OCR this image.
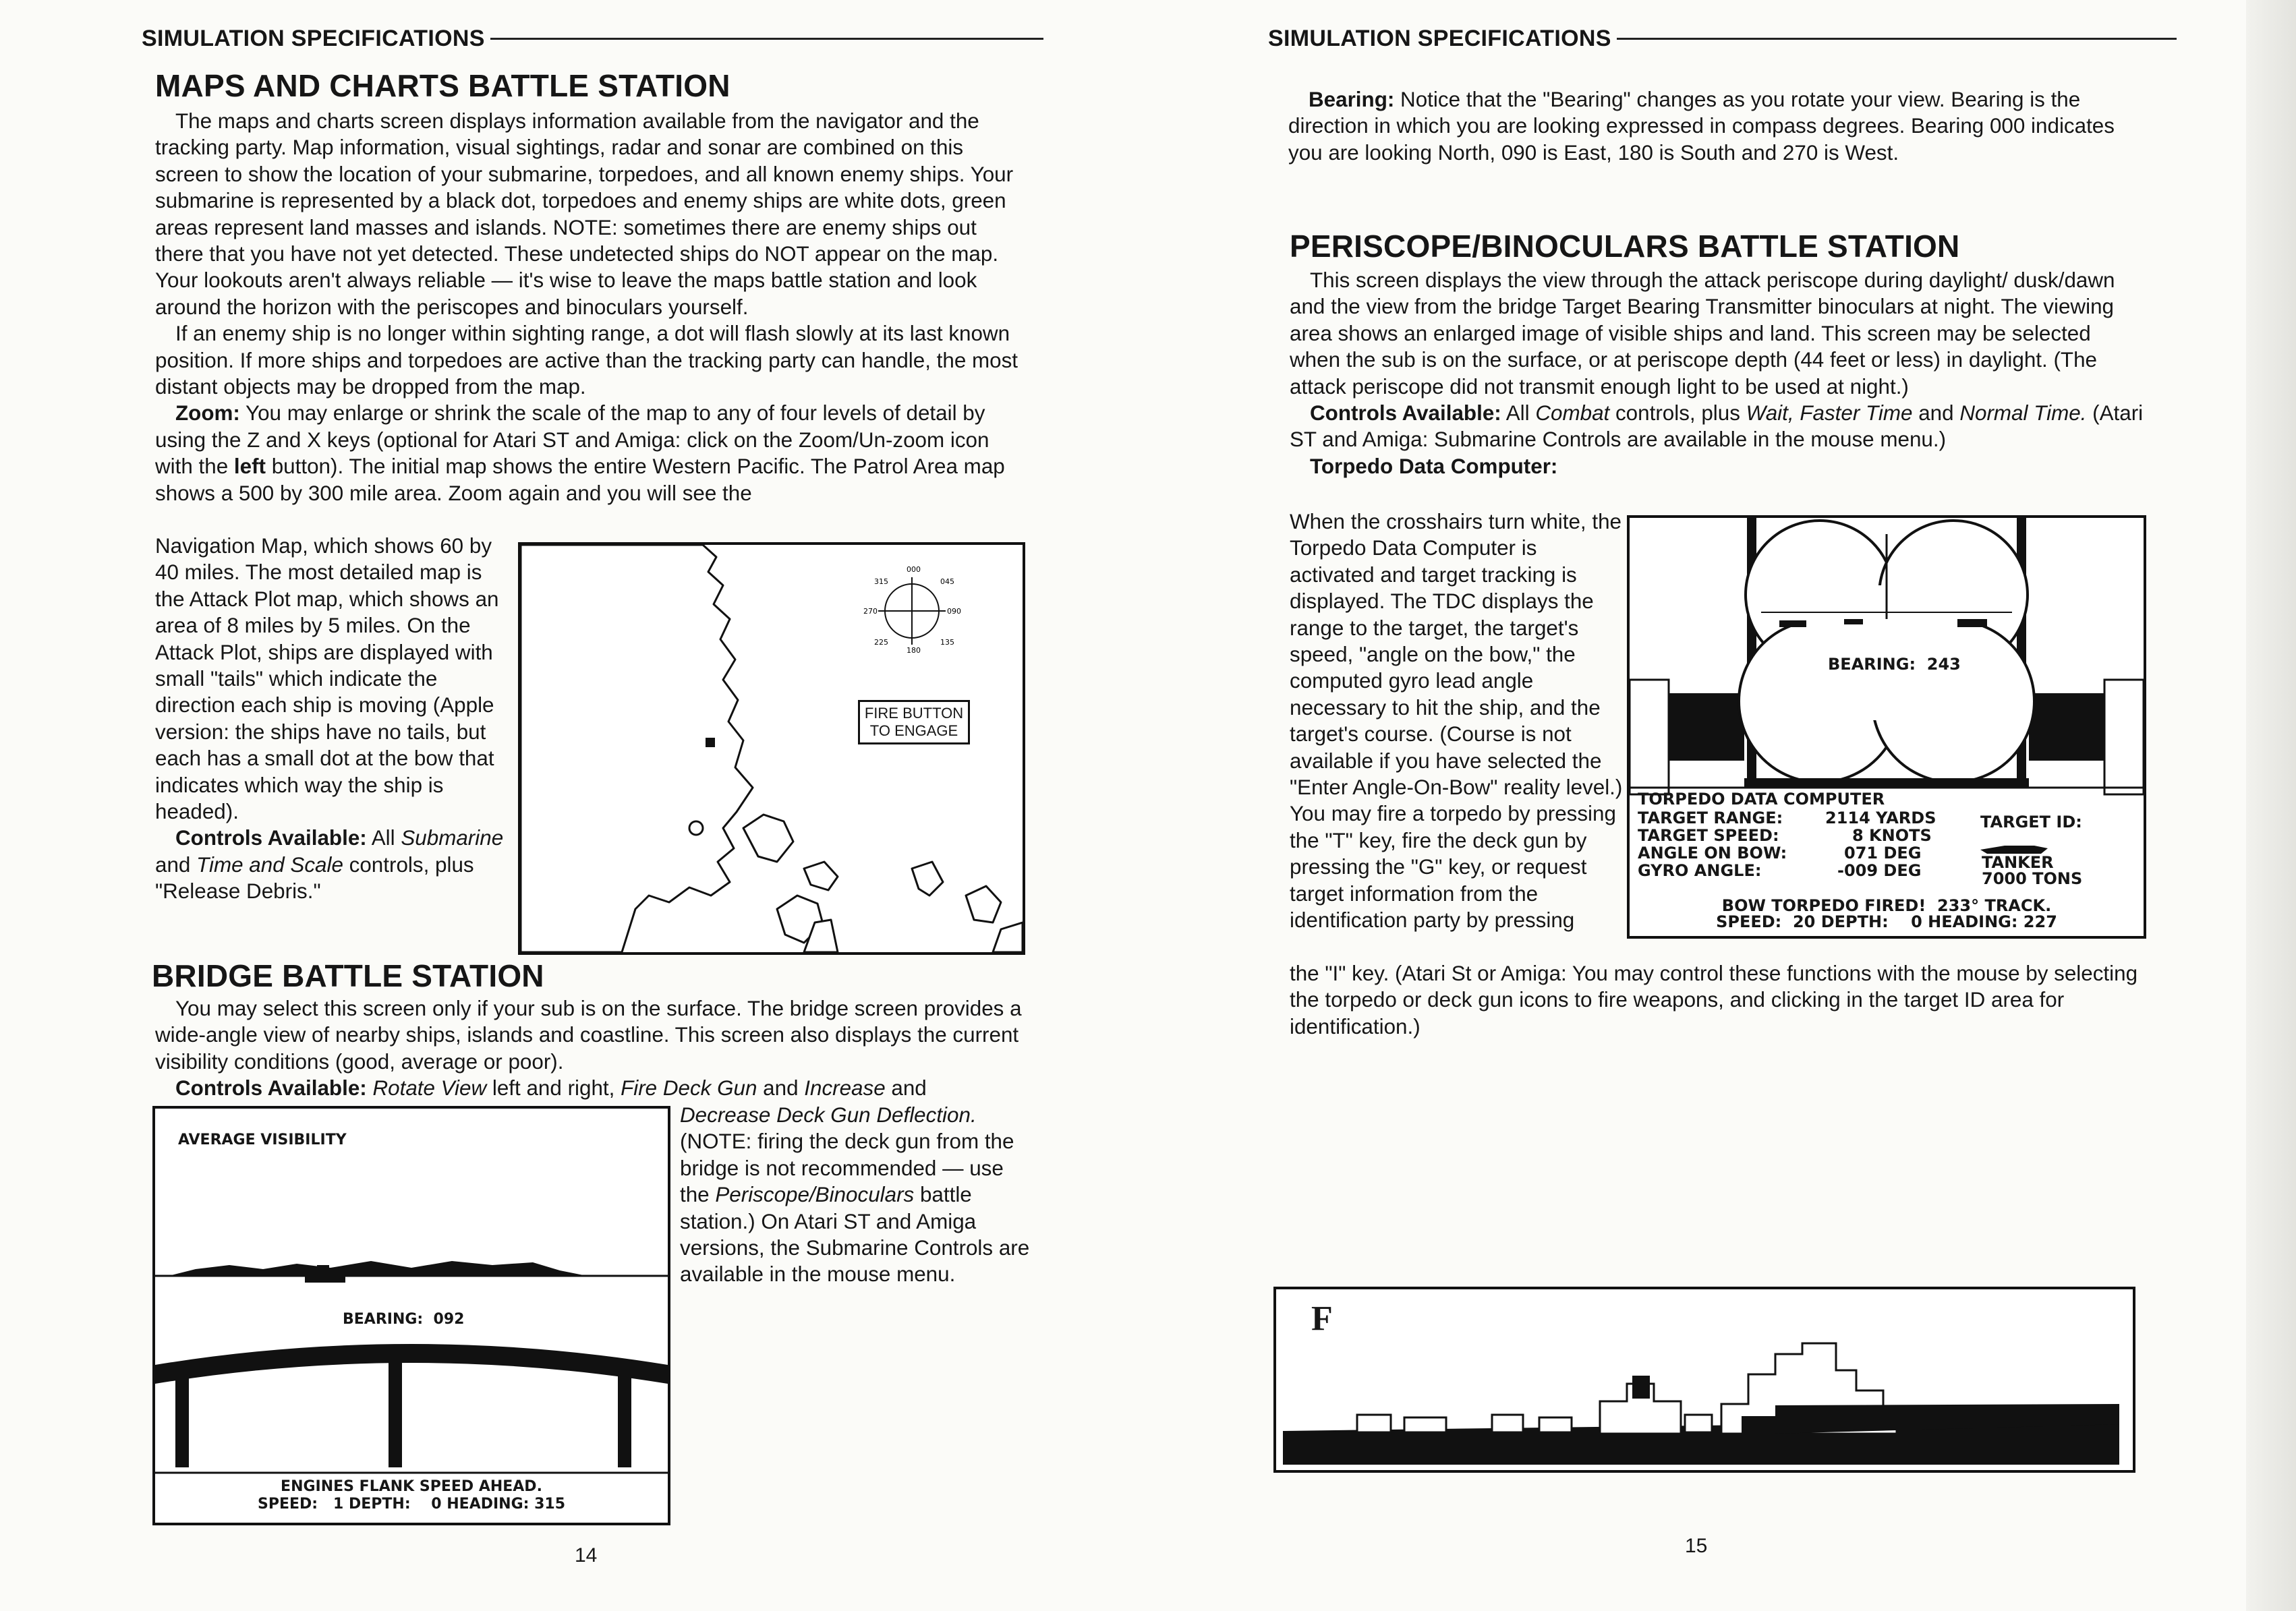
SIMULATION SPECIFICATIONS
MAPS AND CHARTS BATTLE STATION

The maps and charts screen displays information available from the navigator and the tracking party. Map information, visual sightings, radar and sonar are combined on this screen to show the location of your submarine, torpedoes, and all known enemy ships. Your submarine is represented by a black dot, torpedoes and enemy ships are white dots, green areas represent land masses and islands. NOTE: sometimes there are enemy ships out there that you have not yet detected. These undetected ships do NOT appear on the map. Your lookouts aren't always reliable — it's wise to leave the maps battle station and look around the horizon with the periscopes and binoculars yourself.

If an enemy ship is no longer within sighting range, a dot will flash slowly at its last known position. If more ships and torpedoes are active than the tracking party can handle, the most distant objects may be dropped from the map.

Zoom: You may enlarge or shrink the scale of the map to any of four levels of detail by using the Z and X keys (optional for Atari ST and Amiga: click on the Zoom/Un-zoom icon with the left button). The initial map shows the entire Western Pacific. The Patrol Area map shows a 500 by 300 mile area. Zoom again and you will see the

Navigation Map, which shows 60 by 40 miles. The most detailed map is the Attack Plot map, which shows an area of 8 miles by 5 miles. On the Attack Plot, ships are displayed with small "tails" which indicate the direction each ship is moving (Apple version: the ships have no tails, but each has a small dot at the bow that indicates which way the ship is headed).

Controls Available: All Submarine and Time and Scale controls, plus "Release Debris."

000
045
090
135
180
225
270
315
FIRE BUTTON TO ENGAGE
BRIDGE BATTLE STATION

You may select this screen only if your sub is on the surface. The bridge screen provides a wide-angle view of nearby ships, islands and coastline. This screen also displays the current visibility conditions (good, average or poor).

Controls Available: Rotate View left and right, Fire Deck Gun and Increase and

Decrease Deck Gun Deflection.

(NOTE: firing the deck gun from the bridge is not recommended — use the Periscope/Binoculars battle station.) On Atari ST and Amiga versions, the Submarine Controls are available in the mouse menu.

AVERAGE VISIBILITY
BEARING:  092
ENGINES FLANK SPEED AHEAD.
SPEED:   1 DEPTH:    0 HEADING: 315
14
SIMULATION SPECIFICATIONS

Bearing: Notice that the "Bearing" changes as you rotate your view. Bearing is the direction in which you are looking expressed in compass degrees. Bearing 000 indicates you are looking North, 090 is East, 180 is South and 270 is West.

PERISCOPE/BINOCULARS BATTLE STATION

This screen displays the view through the attack periscope during daylight/ dusk/dawn and the view from the bridge Target Bearing Transmitter binoculars at night. The viewing area shows an enlarged image of visible ships and land. This screen may be selected when the sub is on the surface, or at periscope depth (44 feet or less) in daylight. (The attack periscope did not transmit enough light to be used at night.)

Controls Available: All Combat controls, plus Wait, Faster Time and Normal Time. (Atari ST and Amiga: Submarine Controls are available in the mouse menu.)

Torpedo Data Computer:

When the crosshairs turn white, the Torpedo Data Computer is activated and target tracking is displayed. The TDC displays the range to the target, the target's speed, "angle on the bow," the computed gyro lead angle necessary to hit the ship, and the target's course. (Course is not available if you have selected the "Enter Angle-On-Bow" reality level.) You may fire a torpedo by pressing the "T" key, fire the deck gun by pressing the "G" key, or request target information from the identification party by pressing
the "I" key. (Atari St or Amiga: You may control these functions with the mouse by selecting the torpedo or deck gun icons to fire weapons, and clicking in the target ID area for identification.)
BEARING:  243
TORPEDO DATA COMPUTER
TARGET RANGE:	2114 YARDS
TARGET SPEED:	8 KNOTS
ANGLE ON BOW:	071 DEG
GYRO ANGLE:	-009 DEG
TARGET ID:
TANKER
7000 TONS
BOW TORPEDO FIRED!  233° TRACK.
SPEED:  20 DEPTH:    0 HEADING: 227
F
15
